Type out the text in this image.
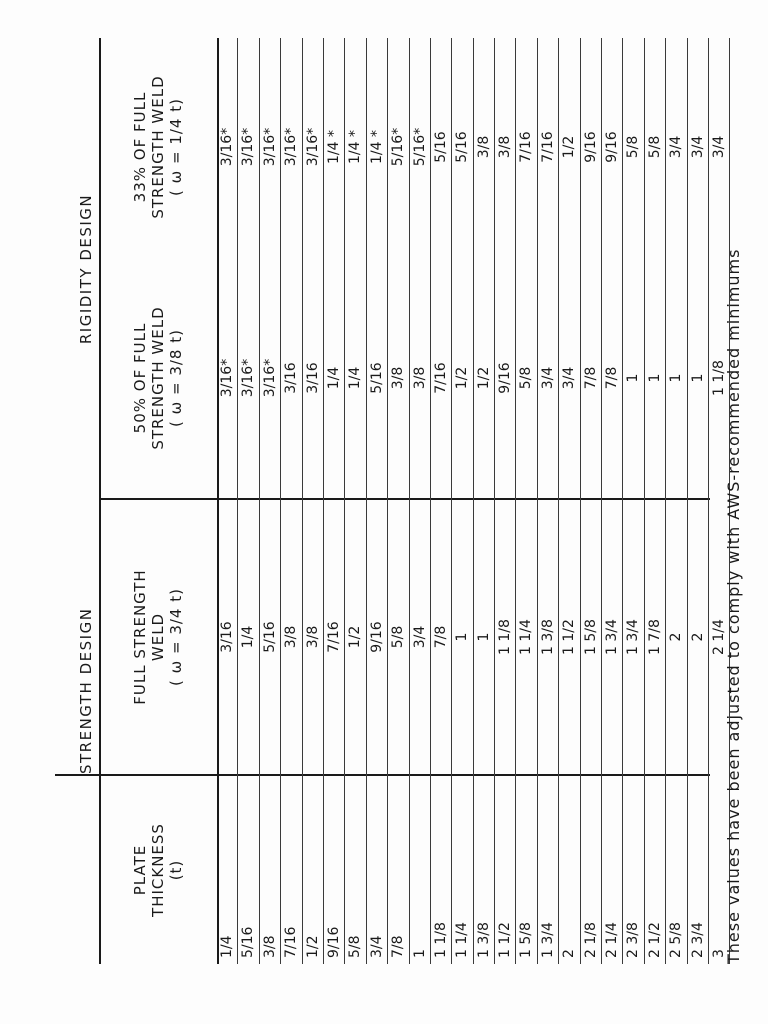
STRENGTH DESIGN
RIGIDITY DESIGN
PLATE THICKNESS (t)
FULL STRENGTH WELD ( ω = 3/4 t)
50% OF FULL STRENGTH WELD ( ω = 3/8 t)
33% OF FULL STRENGTH WELD ( ω = 1/4 t)
1/4
3/16
3/16*
3/16*
5/16
1/4
3/16*
3/16*
3/8
5/16
3/16*
3/16*
7/16
3/8
3/16
3/16*
1/2
3/8
3/16
3/16*
9/16
7/16
1/4
1/4 *
5/8
1/2
1/4
1/4 *
3/4
9/16
5/16
1/4 *
7/8
5/8
3/8
5/16*
1
3/4
3/8
5/16*
1 1/8
7/8
7/16
5/16
1 1/4
1
1/2
5/16
1 3/8
1
1/2
3/8
1 1/2
1 1/8
9/16
3/8
1 5/8
1 1/4
5/8
7/16
1 3/4
1 3/8
3/4
7/16
2
1 1/2
3/4
1/2
2 1/8
1 5/8
7/8
9/16
2 1/4
1 3/4
7/8
9/16
2 3/8
1 3/4
1
5/8
2 1/2
1 7/8
1
5/8
2 5/8
2
1
3/4
2 3/4
2
1
3/4
3
2 1/4
1 1/8
3/4
These values have been adjusted to comply with AWS-recommended minimums
